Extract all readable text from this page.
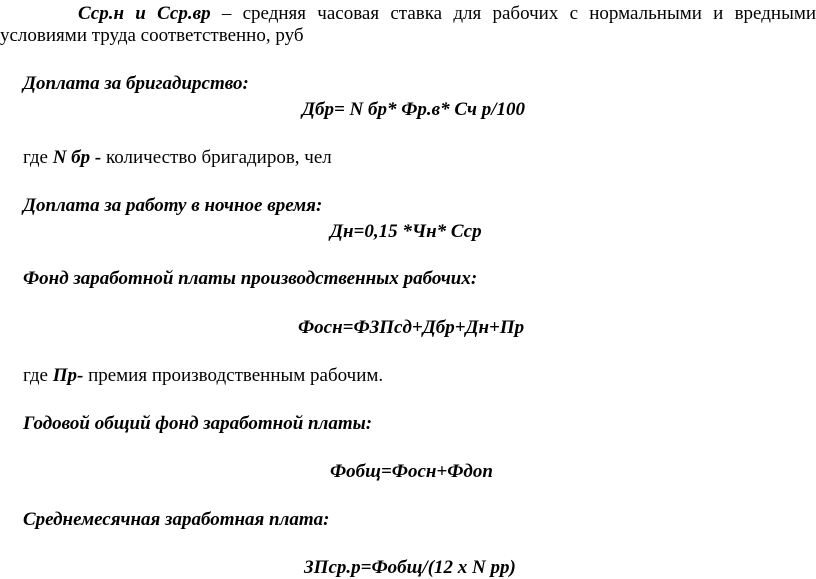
Сср.н и Сср.вр – средняя часовая ставка для рабочих с нормальными и вредными
условиями труда соответственно, руб
Доплата за бригадирство:
Дбр= N бр* Фр.в* Сч р/100
где N бр - количество бригадиров, чел
Доплата за работу в ночное время:
Дн=0,15 *Чн* Сср
Фонд заработной платы производственных рабочих:
Фосн=ФЗПсд+Дбр+Дн+Пр
где Пр- премия производственным рабочим.
Годовой общий фонд заработной платы:
Фобщ=Фосн+Фдоп
Среднемесячная заработная плата:
ЗПср.р=Фобщ/(12 х N рр)
